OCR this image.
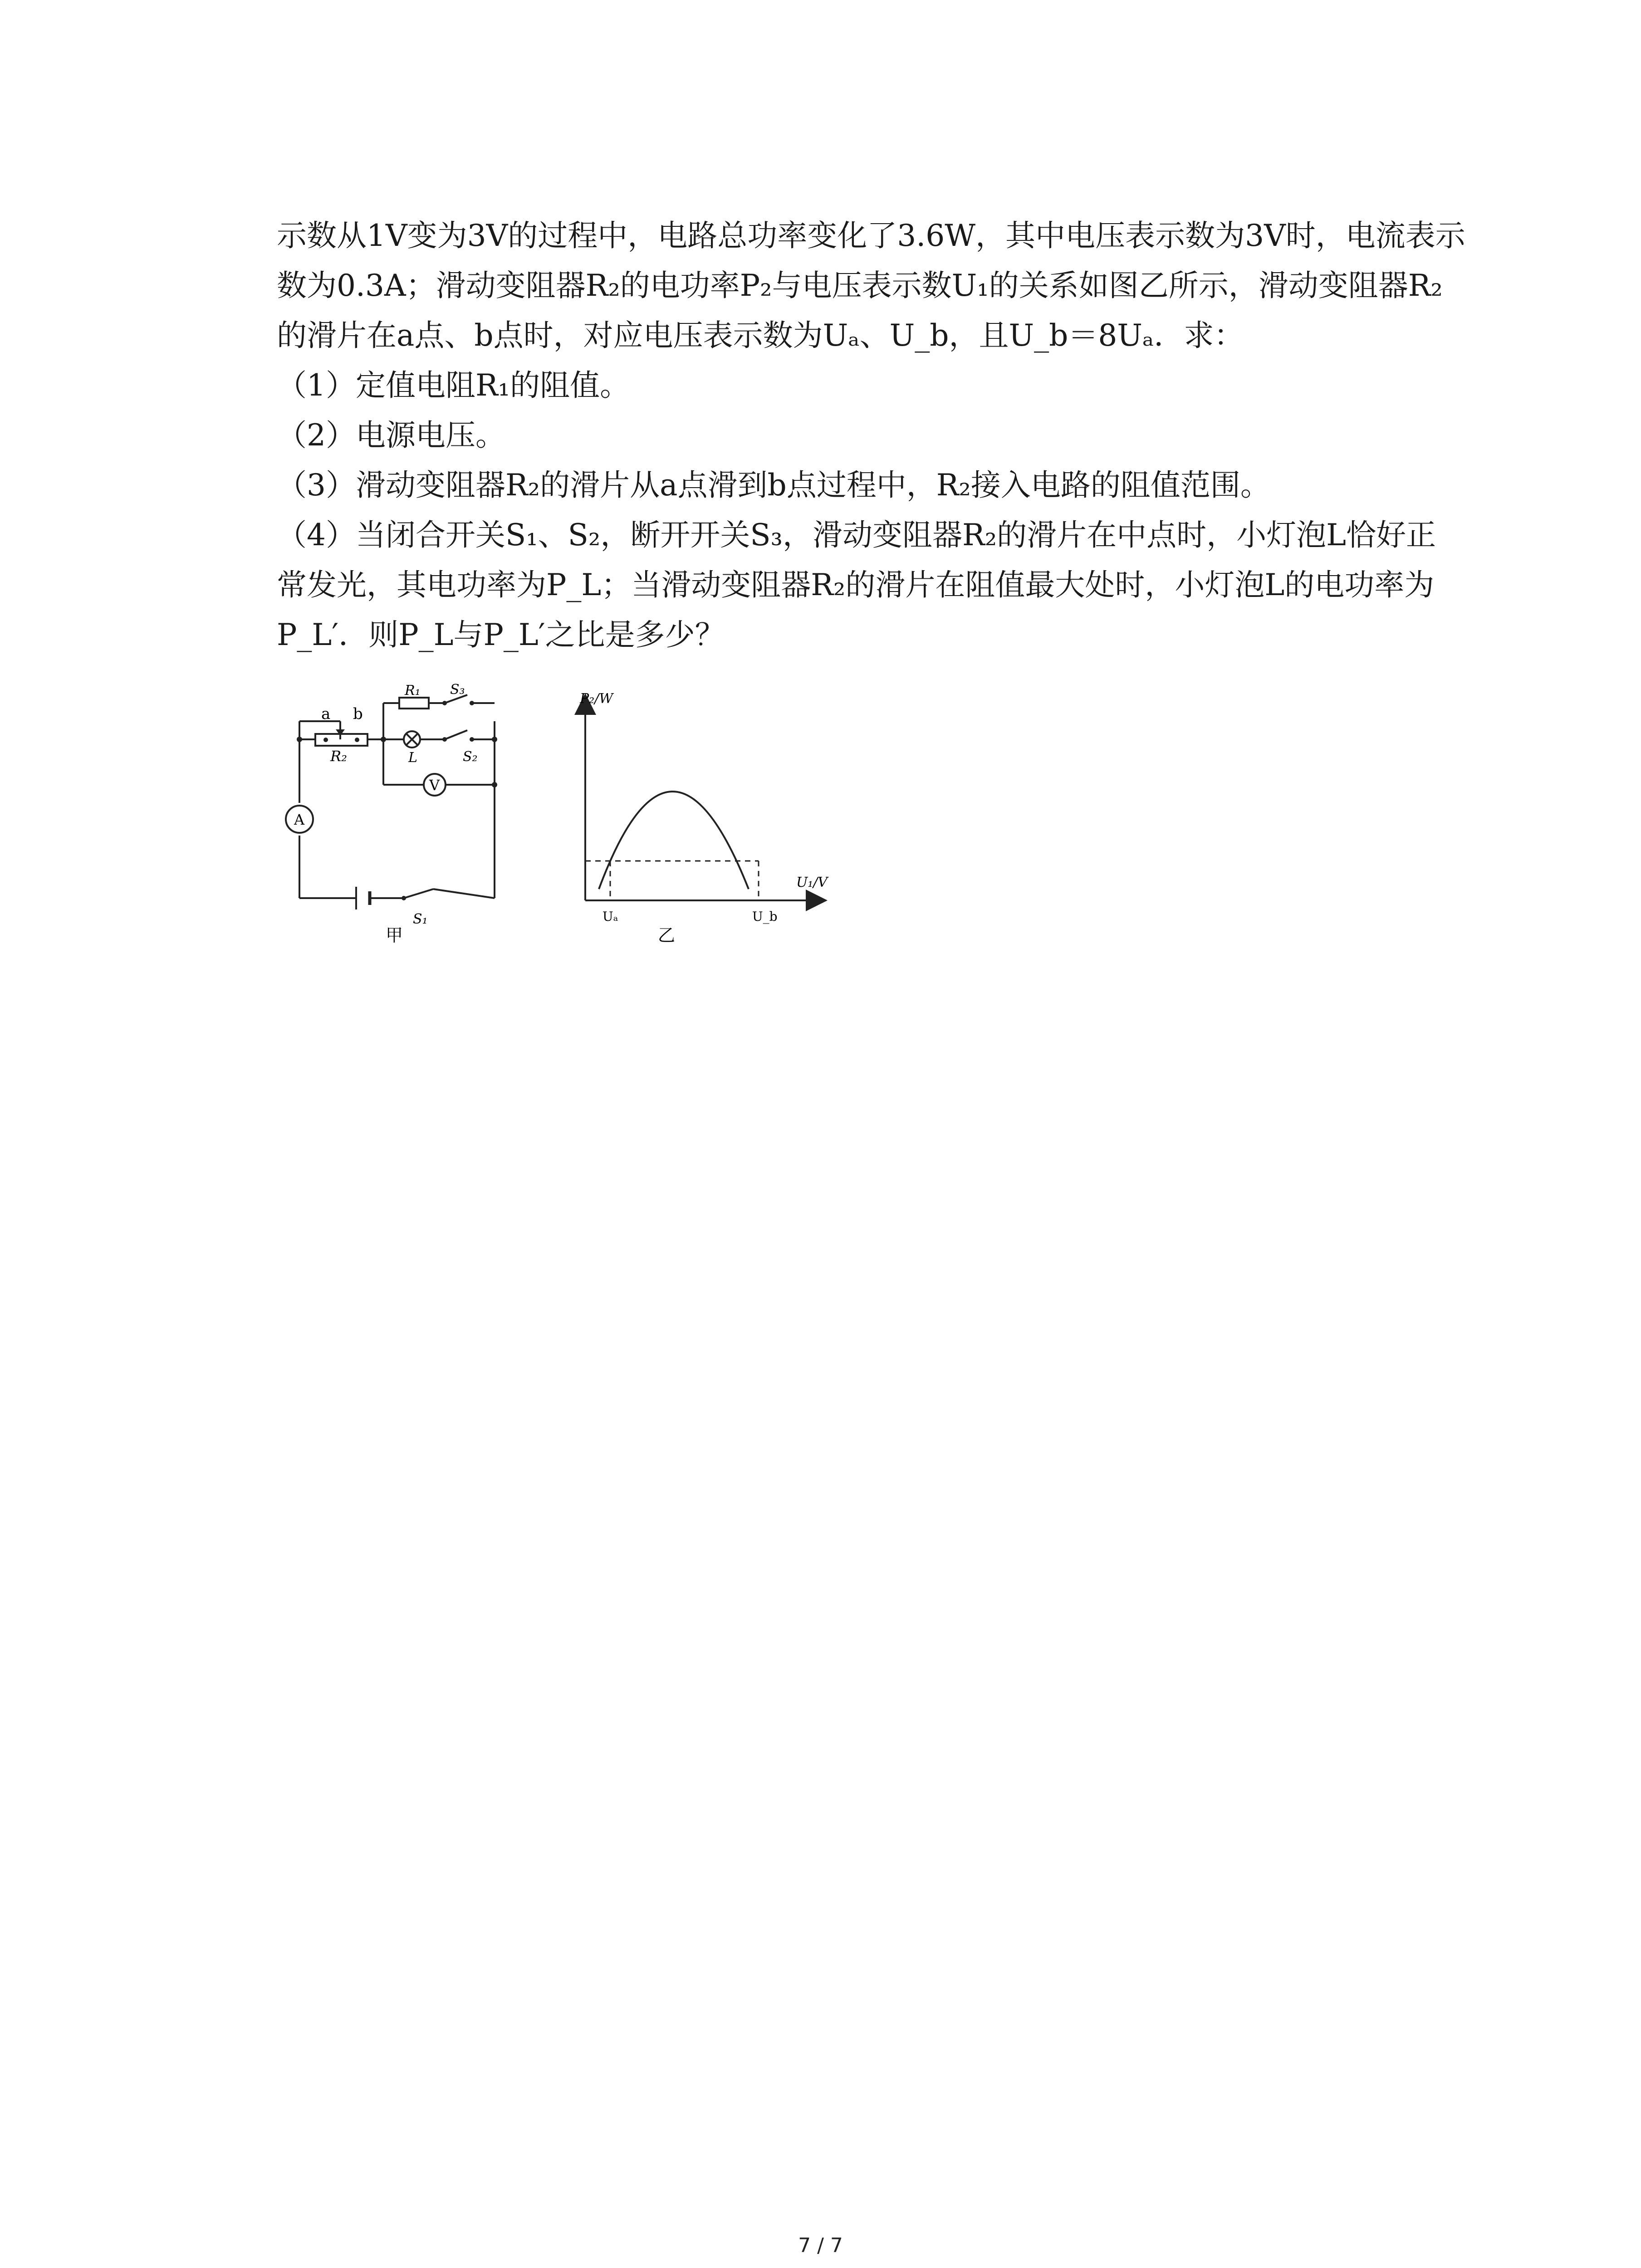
示数从1V变为3V的过程中，电路总功率变化了3.6W，其中电压表示数为3V时，电流表示
数为0.3A；滑动变阻器R₂的电功率P₂与电压表示数U₁的关系如图乙所示，滑动变阻器R₂
的滑片在a点、b点时，对应电压表示数为Uₐ、U_b，且U_b＝8Uₐ．求：
（1）定值电阻R₁的阻值。
（2）电源电压。
（3）滑动变阻器R₂的滑片从a点滑到b点过程中，R₂接入电路的阻值范围。
（4）当闭合开关S₁、S₂，断开开关S₃，滑动变阻器R₂的滑片在中点时，小灯泡L恰好正
常发光，其电功率为P_L；当滑动变阻器R₂的滑片在阻值最大处时，小灯泡L的电功率为
P_L′．则P_L与P_L′之比是多少？
a b
R₂
R₁ S₃
S₂
L
V
A
S₁
甲
P₂/W
U₁/V
Uₐ	U_b
乙
7 / 7
